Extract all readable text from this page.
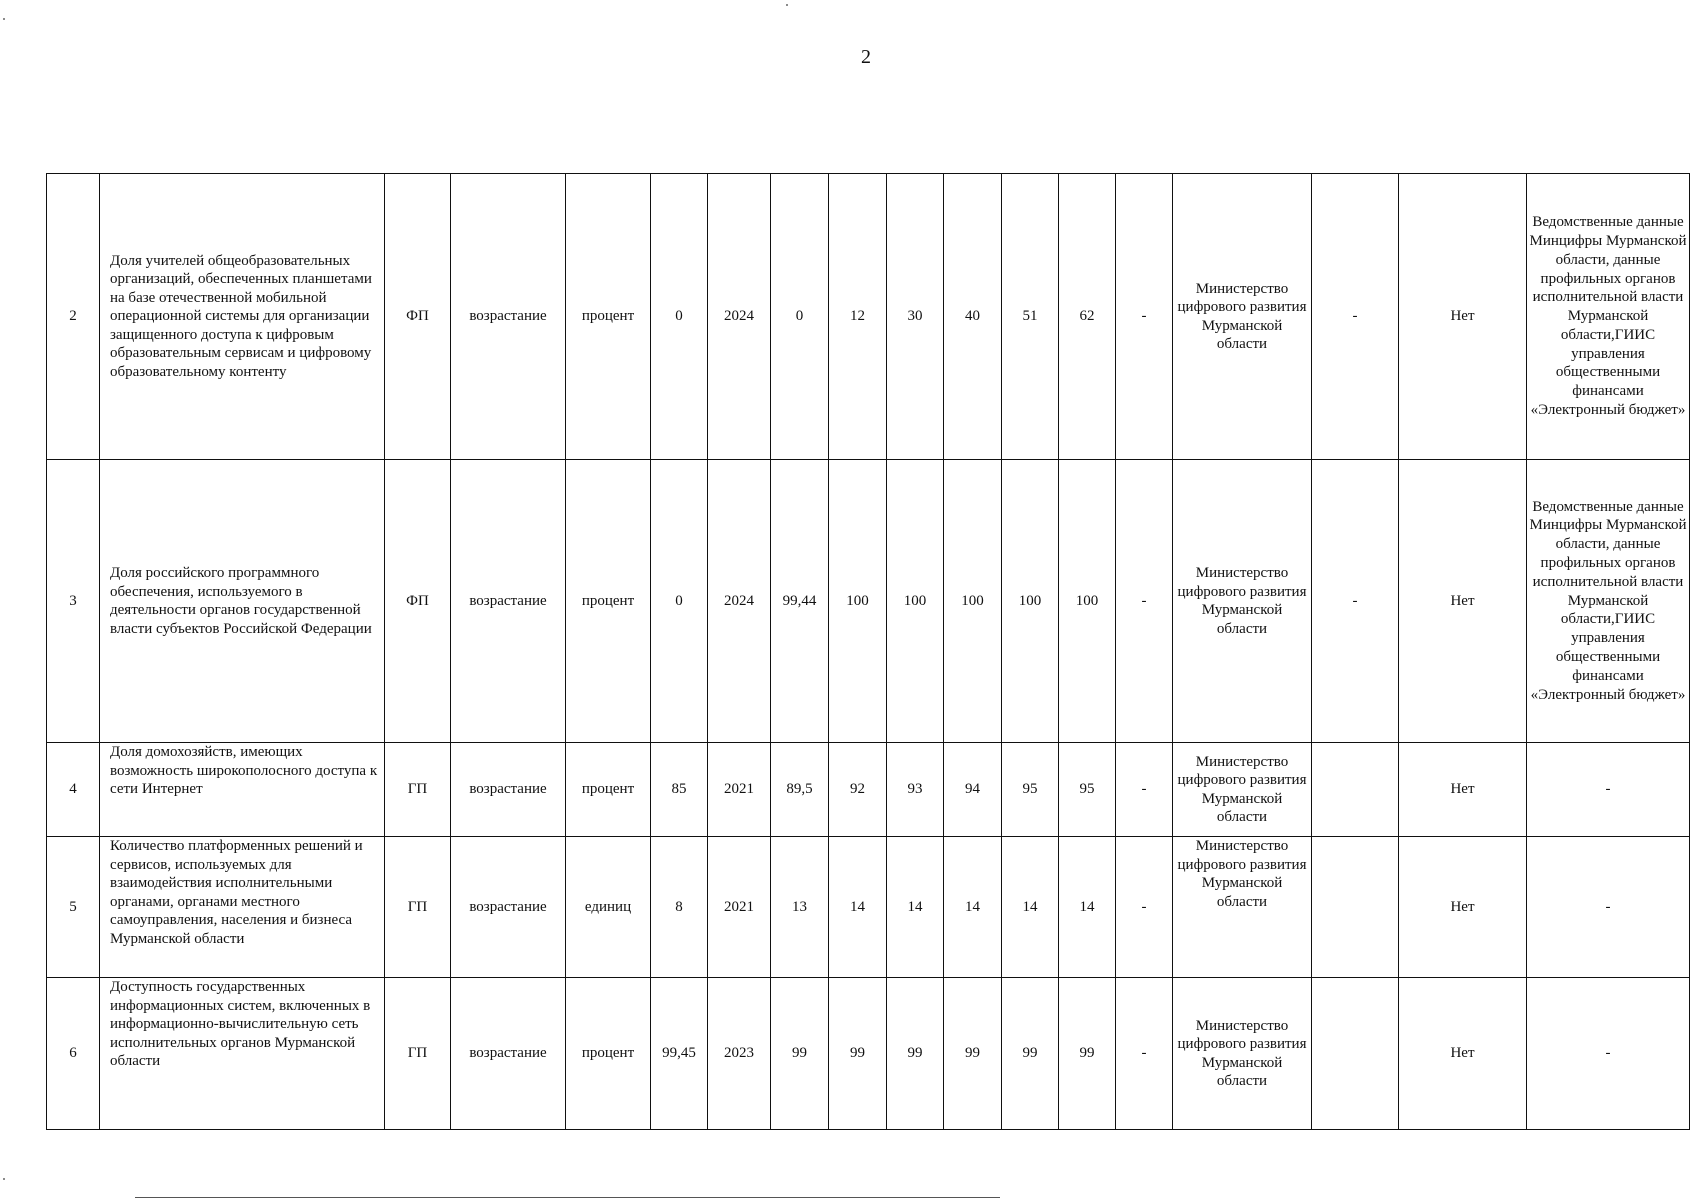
2
2	Доля учителей общеобразовательных организаций, обеспеченных планшетами на базе отечественной мобильной операционной системы для организации защищенного доступа к цифровым образовательным сервисам и цифровому образовательному контенту	ФП	возрастание	процент	0	2024	0	12	30	40	51	62	-	Министерство цифрового развития Мурманской области	-	Нет	Ведомственные данные Минцифры Мурманской области, данные профильных органов исполнительной власти Мурманской области,ГИИС управления общественными финансами «Электронный бюджет»
3	Доля российского программного обеспечения, используемого в деятельности органов государственной власти субъектов Российской Федерации	ФП	возрастание	процент	0	2024	99,44	100	100	100	100	100	-	Министерство цифрового развития Мурманской области	-	Нет	Ведомственные данные Минцифры Мурманской области, данные профильных органов исполнительной власти Мурманской области,ГИИС управления общественными финансами «Электронный бюджет»
4	Доля домохозяйств, имеющих возможность широкополосного доступа к сети Интернет	ГП	возрастание	процент	85	2021	89,5	92	93	94	95	95	-	Министерство цифрового развития Мурманской области		Нет	-
5	Количество платформенных решений и сервисов, используемых для взаимодействия исполнительными органами, органами местного самоуправления, населения и бизнеса Мурманской области	ГП	возрастание	единиц	8	2021	13	14	14	14	14	14	-	Министерство цифрового развития Мурманской области		Нет	-
6	Доступность государственных информационных систем, включенных в информационно-вычислительную сеть исполнительных органов Мурманской области	ГП	возрастание	процент	99,45	2023	99	99	99	99	99	99	-	Министерство цифрового развития Мурманской области		Нет	-
